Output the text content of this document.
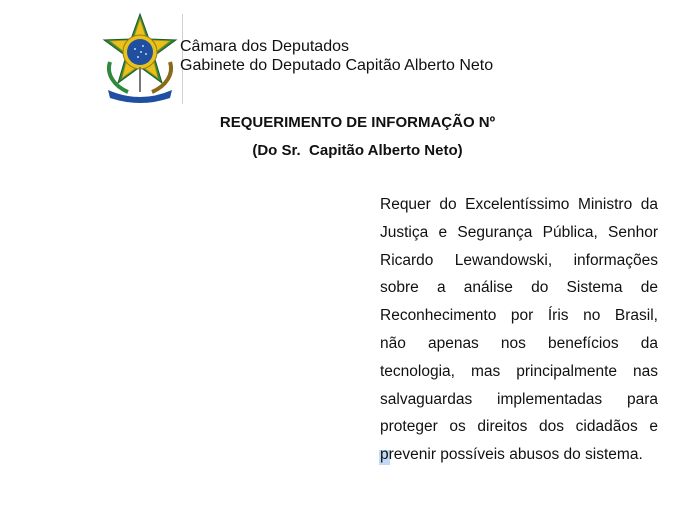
Câmara dos Deputados
Gabinete do Deputado Capitão Alberto Neto
REQUERIMENTO DE INFORMAÇÃO Nº
(Do Sr.  Capitão Alberto Neto)
Requer do Excelentíssimo Ministro da
Justiça e Segurança Pública, Senhor
Ricardo Lewandowski, informações
sobre a análise do Sistema de
Reconhecimento por Íris no Brasil,
não apenas nos benefícios da
tecnologia, mas principalmente nas
salvaguardas implementadas para
proteger os direitos dos cidadãos e
prevenir possíveis abusos do sistema.
